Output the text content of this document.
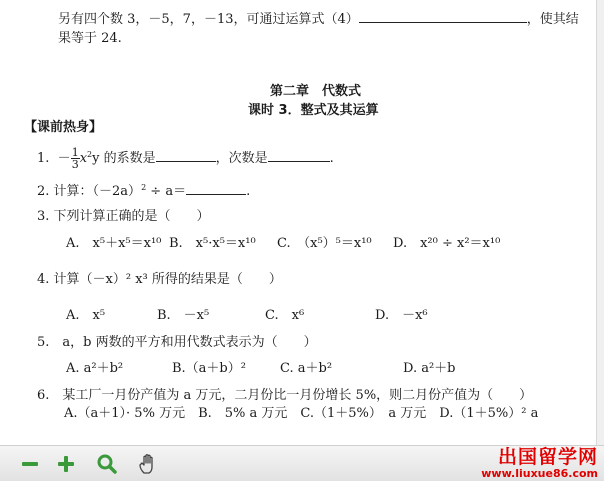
另有四个数 3，－5，7，－13，可通过运算式（4）	，使其结
果等于 24.
第二章　代数式
课时 3．整式及其运算
【课前热身】
1. － $\frac{1}{3} x^2y$ 的系数是	，次数是	.
2. 计算：$(-2a)^2 \div a=$	.
3. 下列计算正确的是（　　）
A.　x⁵＋x⁵＝x¹⁰ B.　x⁵·x⁵＝x¹⁰ C.　（x⁵）⁵＝x¹⁰ D.　x²⁰ ÷ x²＝x¹⁰
4. 计算（－x）² x³ 所得的结果是（　　）
A.　x⁵	B.　－x⁵	C.　x⁶	D.　－x⁶
5.　a，b 两数的平方和用代数式表示为（　　）
A. a²＋b²	B.（a＋b）²	C. a＋b²	D. a²＋b
6.　某工厂一月份产值为 a 万元，二月份比一月份增长 5%，则二月份产值为（　　）
A.（a＋1）· 5% 万元　B.　5% a 万元　C.（1＋5%）　a 万元　D.（1＋5%）² a
出国留学网
www.liuxue86.com
